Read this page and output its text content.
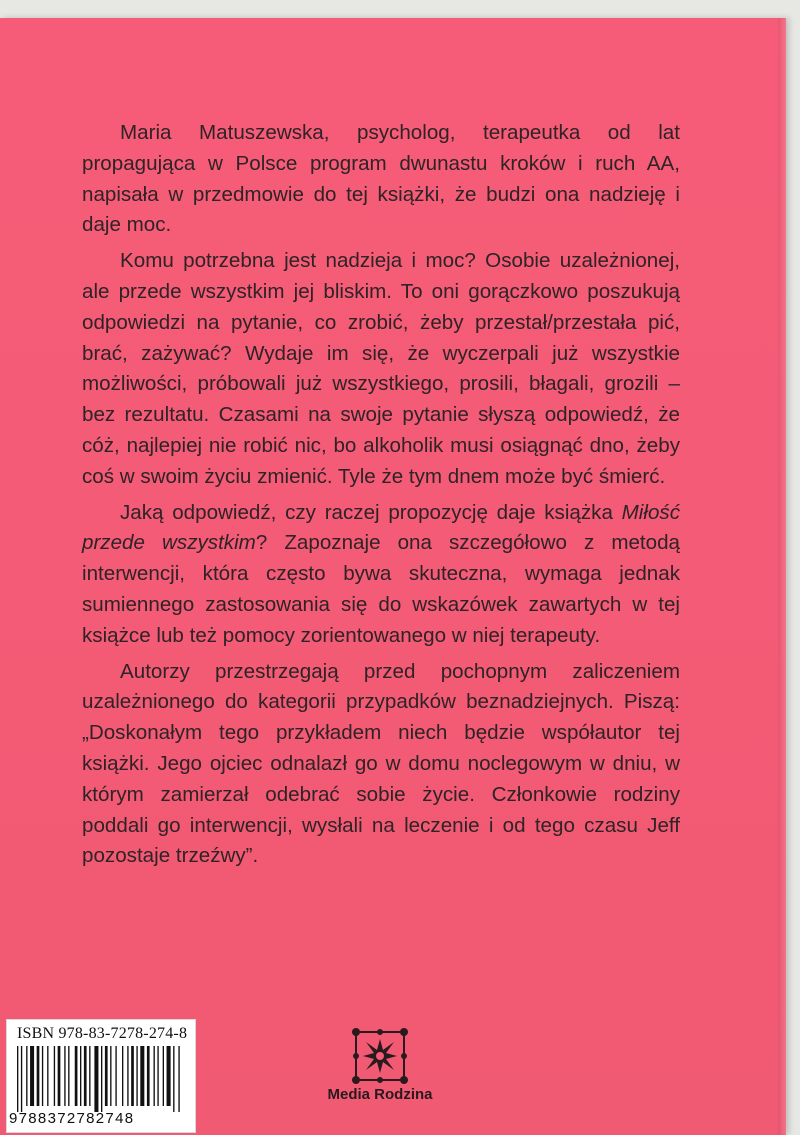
Maria Matuszewska, psycholog, terapeutka od lat propagująca w Polsce program dwunastu kroków i ruch AA, napisała w przedmowie do tej książki, że budzi ona nadzieję i daje moc.

Komu potrzebna jest nadzieja i moc? Osobie uzależnionej, ale przede wszystkim jej bliskim. To oni gorączkowo poszukują odpowiedzi na pytanie, co zrobić, żeby przestał/przestała pić, brać, zażywać? Wydaje im się, że wyczerpali już wszystkie możliwości, próbowali już wszystkiego, prosili, błagali, grozili – bez rezultatu. Czasami na swoje pytanie słyszą odpowiedź, że cóż, najlepiej nie robić nic, bo alkoholik musi osiągnąć dno, żeby coś w swoim życiu zmienić. Tyle że tym dnem może być śmierć.

Jaką odpowiedź, czy raczej propozycję daje książka Miłość przede wszystkim? Zapoznaje ona szczegółowo z metodą interwencji, która często bywa skuteczna, wymaga jednak sumiennego zastosowania się do wskazówek zawartych w tej książce lub też pomocy zorientowanego w niej terapeuty.

Autorzy przestrzegają przed pochopnym zaliczeniem uzależnionego do kategorii przypadków beznadziejnych. Piszą: „Doskonałym tego przykładem niech będzie współautor tej książki. Jego ojciec odnalazł go w domu noclegowym w dniu, w którym zamierzał odebrać sobie życie. Członkowie rodziny poddali go interwencji, wysłali na leczenie i od tego czasu Jeff pozostaje trzeźwy”.

ISBN 978-83-7278-274-8
9788372782748
Media Rodzina
